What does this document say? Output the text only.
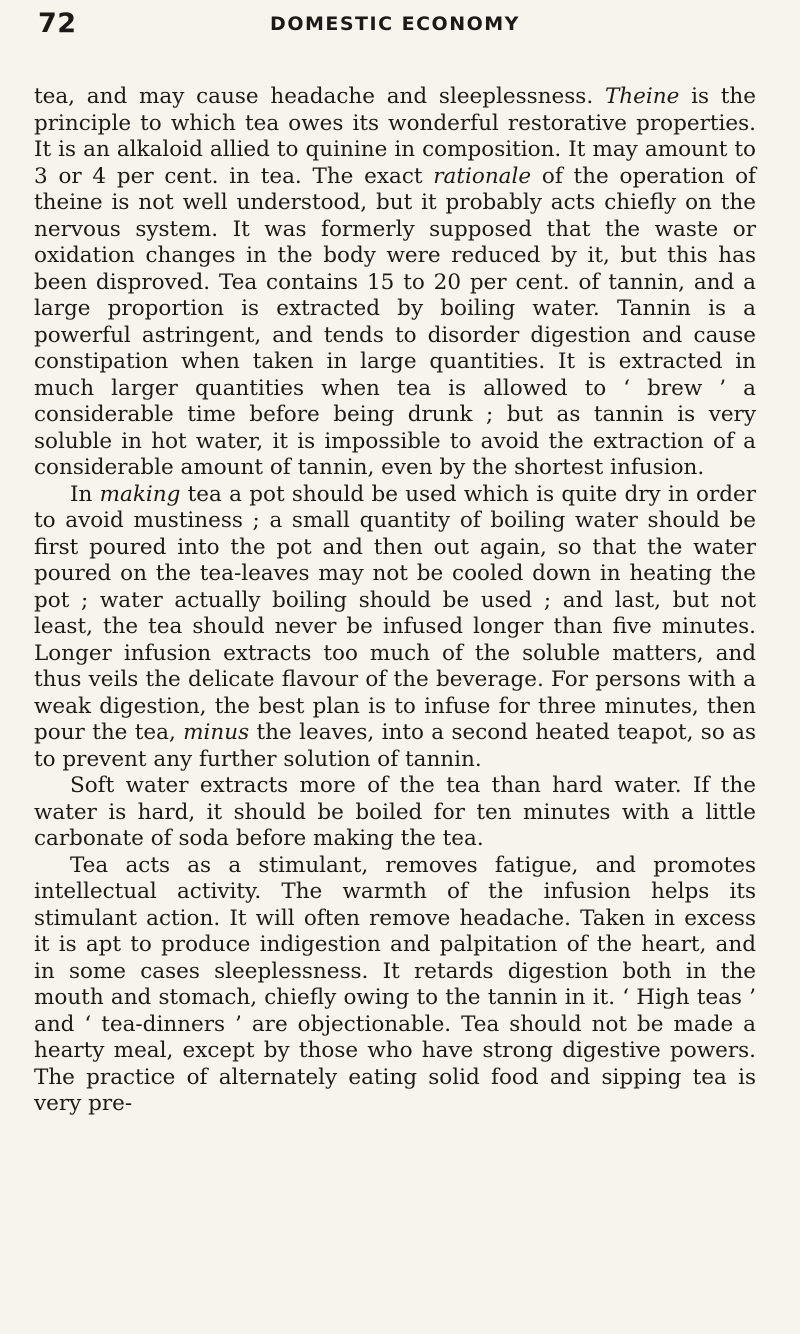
72	DOMESTIC ECONOMY

tea, and may cause headache and sleeplessness. Theine is the principle to which tea owes its wonderful restorative properties. It is an alkaloid allied to quinine in composition. It may amount to 3 or 4 per cent. in tea. The exact rationale of the operation of theine is not well understood, but it probably acts chiefly on the nervous system. It was formerly supposed that the waste or oxidation changes in the body were reduced by it, but this has been disproved. Tea contains 15 to 20 per cent. of tannin, and a large proportion is extracted by boiling water. Tannin is a powerful astringent, and tends to disorder digestion and cause constipation when taken in large quantities. It is extracted in much larger quantities when tea is allowed to ‘ brew ’ a considerable time before being drunk ; but as tannin is very soluble in hot water, it is impossible to avoid the extraction of a considerable amount of tannin, even by the shortest infusion.

In making tea a pot should be used which is quite dry in order to avoid mustiness ; a small quantity of boiling water should be first poured into the pot and then out again, so that the water poured on the tea-leaves may not be cooled down in heating the pot ; water actually boiling should be used ; and last, but not least, the tea should never be infused longer than five minutes. Longer infusion extracts too much of the soluble matters, and thus veils the delicate flavour of the beverage. For persons with a weak digestion, the best plan is to infuse for three minutes, then pour the tea, minus the leaves, into a second heated teapot, so as to prevent any further solution of tannin.

Soft water extracts more of the tea than hard water. If the water is hard, it should be boiled for ten minutes with a little carbonate of soda before making the tea.

Tea acts as a stimulant, removes fatigue, and promotes intellectual activity. The warmth of the infusion helps its stimulant action. It will often remove headache. Taken in excess it is apt to produce indigestion and palpitation of the heart, and in some cases sleeplessness. It retards digestion both in the mouth and stomach, chiefly owing to the tannin in it. ‘ High teas ’ and ‘ tea-dinners ’ are objectionable. Tea should not be made a hearty meal, except by those who have strong digestive powers. The practice of alternately eating solid food and sipping tea is very pre-
